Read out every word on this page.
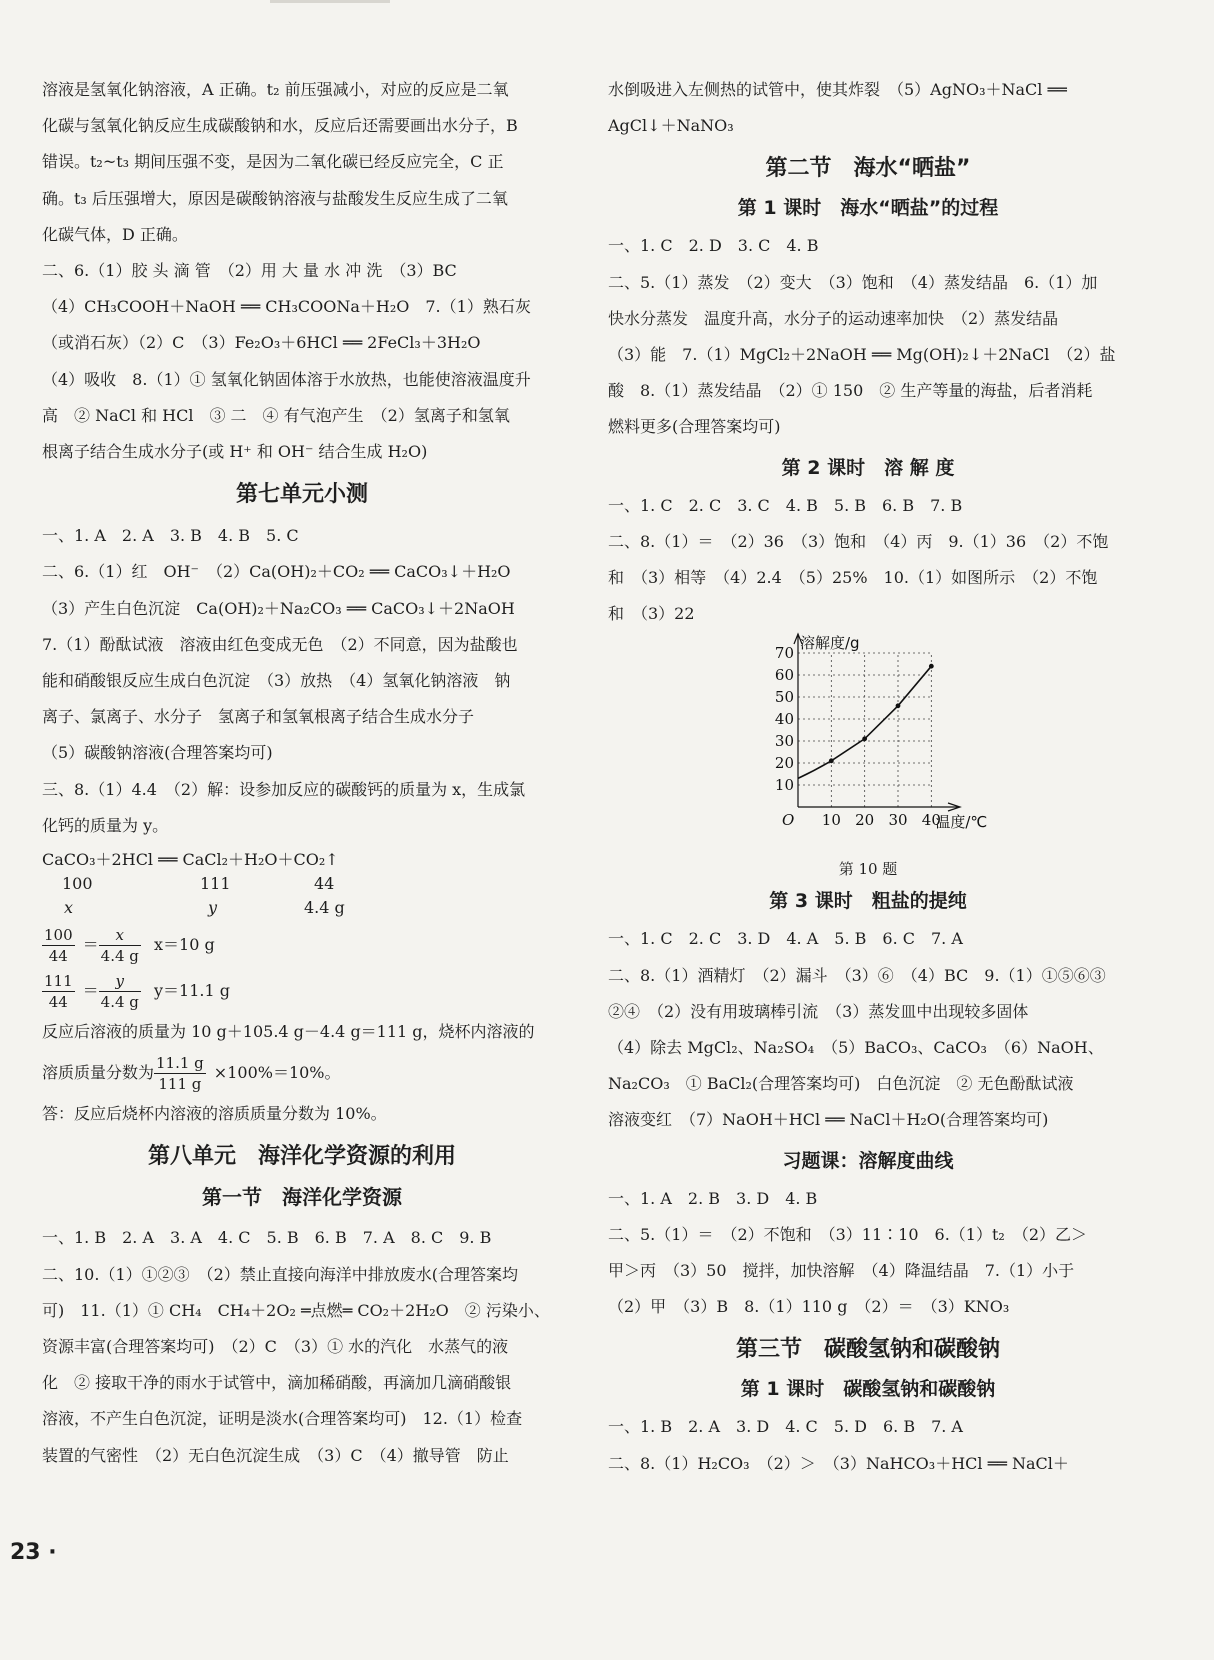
溶液是氢氧化钠溶液，A 正确。t₂ 前压强减小，对应的反应是二氧
化碳与氢氧化钠反应生成碳酸钠和水，反应后还需要画出水分子，B
错误。t₂~t₃ 期间压强不变，是因为二氧化碳已经反应完全，C 正
确。t₃ 后压强增大，原因是碳酸钠溶液与盐酸发生反应生成了二氧
化碳气体，D 正确。
二、6.（1）胶 头 滴 管　（2）用 大 量 水 冲 洗　（3）BC
（4）CH₃COOH＋NaOH ══ CH₃COONa＋H₂O　7.（1）熟石灰
（或消石灰）（2）C　（3）Fe₂O₃＋6HCl ══ 2FeCl₃＋3H₂O
（4）吸收　8.（1）① 氢氧化钠固体溶于水放热，也能使溶液温度升
高　② NaCl 和 HCl　③ 二　④ 有气泡产生　（2）氢离子和氢氧
根离子结合生成水分子(或 H⁺ 和 OH⁻ 结合生成 H₂O)
第七单元小测
一、1. A　2. A　3. B　4. B　5. C
二、6.（1）红　OH⁻　（2）Ca(OH)₂＋CO₂ ══ CaCO₃↓＋H₂O
（3）产生白色沉淀　Ca(OH)₂＋Na₂CO₃ ══ CaCO₃↓＋2NaOH
7.（1）酚酞试液　溶液由红色变成无色　（2）不同意，因为盐酸也
能和硝酸银反应生成白色沉淀　（3）放热　（4）氢氧化钠溶液　钠
离子、氯离子、水分子　氢离子和氢氧根离子结合生成水分子
（5）碳酸钠溶液(合理答案均可)
三、8.（1）4.4　（2）解：设参加反应的碳酸钙的质量为 x，生成氯
化钙的质量为 y。
CaCO₃＋2HCl ══ CaCl₂＋H₂O＋CO₂↑
100	111	44
x	y	4.4 g
$\frac{100}{44} = \frac{x}{4.4 g} x=10$ g
$\frac{111}{44} = \frac{y}{4.4 g} y=11.1$ g
反应后溶液的质量为 10 g＋105.4 g－4.4 g＝111 g，烧杯内溶液的
溶质质量分数为 $\frac{11.1 g}{111 g} \times 100\%=10\%$。
答：反应后烧杯内溶液的溶质质量分数为 10%。
第八单元　海洋化学资源的利用
第一节　海洋化学资源
一、1. B　2. A　3. A　4. C　5. B　6. B　7. A　8. C　9. B
二、10.（1）①②③　（2）禁止直接向海洋中排放废水(合理答案均
可)　11.（1）① CH₄　CH₄＋2O₂ ═点燃═ CO₂＋2H₂O　② 污染小、
资源丰富(合理答案均可)　（2）C　（3）① 水的汽化　水蒸气的液
化　② 接取干净的雨水于试管中，滴加稀硝酸，再滴加几滴硝酸银
溶液，不产生白色沉淀，证明是淡水(合理答案均可)　12.（1）检查
装置的气密性　（2）无白色沉淀生成　（3）C　（4）撤导管　防止
水倒吸进入左侧热的试管中，使其炸裂　（5）AgNO₃＋NaCl ══
AgCl↓＋NaNO₃
第二节　海水“晒盐”
第 1 课时　海水“晒盐”的过程
一、1. C　2. D　3. C　4. B
二、5.（1）蒸发　（2）变大　（3）饱和　（4）蒸发结晶　6.（1）加
快水分蒸发　温度升高，水分子的运动速率加快　（2）蒸发结晶
（3）能　7.（1）MgCl₂＋2NaOH ══ Mg(OH)₂↓＋2NaCl　（2）盐
酸　8.（1）蒸发结晶　（2）① 150　② 生产等量的海盐，后者消耗
燃料更多(合理答案均可)
第 2 课时　溶 解 度
一、1. C　2. C　3. C　4. B　5. B　6. B　7. B
二、8.（1）＝　（2）36　（3）饱和　（4）丙　9.（1）36　（2）不饱
和　（3）相等　（4）2.4　（5）25%　10.（1）如图所示　（2）不饱
和　（3）22
10
20
30
40
50
60
70
10 20 30 40
O
溶解度/g
温度/℃
第 10 题
第 3 课时　粗盐的提纯
一、1. C　2. C　3. D　4. A　5. B　6. C　7. A
二、8.（1）酒精灯　（2）漏斗　（3）⑥　（4）BC　9.（1）①⑤⑥③
②④　（2）没有用玻璃棒引流　（3）蒸发皿中出现较多固体
（4）除去 MgCl₂、Na₂SO₄　（5）BaCO₃、CaCO₃　（6）NaOH、
Na₂CO₃　① BaCl₂(合理答案均可)　白色沉淀　② 无色酚酞试液
溶液变红　（7）NaOH＋HCl ══ NaCl＋H₂O(合理答案均可)
习题课：溶解度曲线
一、1. A　2. B　3. D　4. B
二、5.（1）＝　（2）不饱和　（3）11∶10　6.（1）t₂　（2）乙＞
甲＞丙　（3）50　搅拌，加快溶解　（4）降温结晶　7.（1）小于
（2）甲　（3）B　8.（1）110 g　（2）＝　（3）KNO₃
第三节　碳酸氢钠和碳酸钠
第 1 课时　碳酸氢钠和碳酸钠
一、1. B　2. A　3. D　4. C　5. D　6. B　7. A
二、8.（1）H₂CO₃　（2）＞　（3）NaHCO₃＋HCl ══ NaCl＋
23 ·
